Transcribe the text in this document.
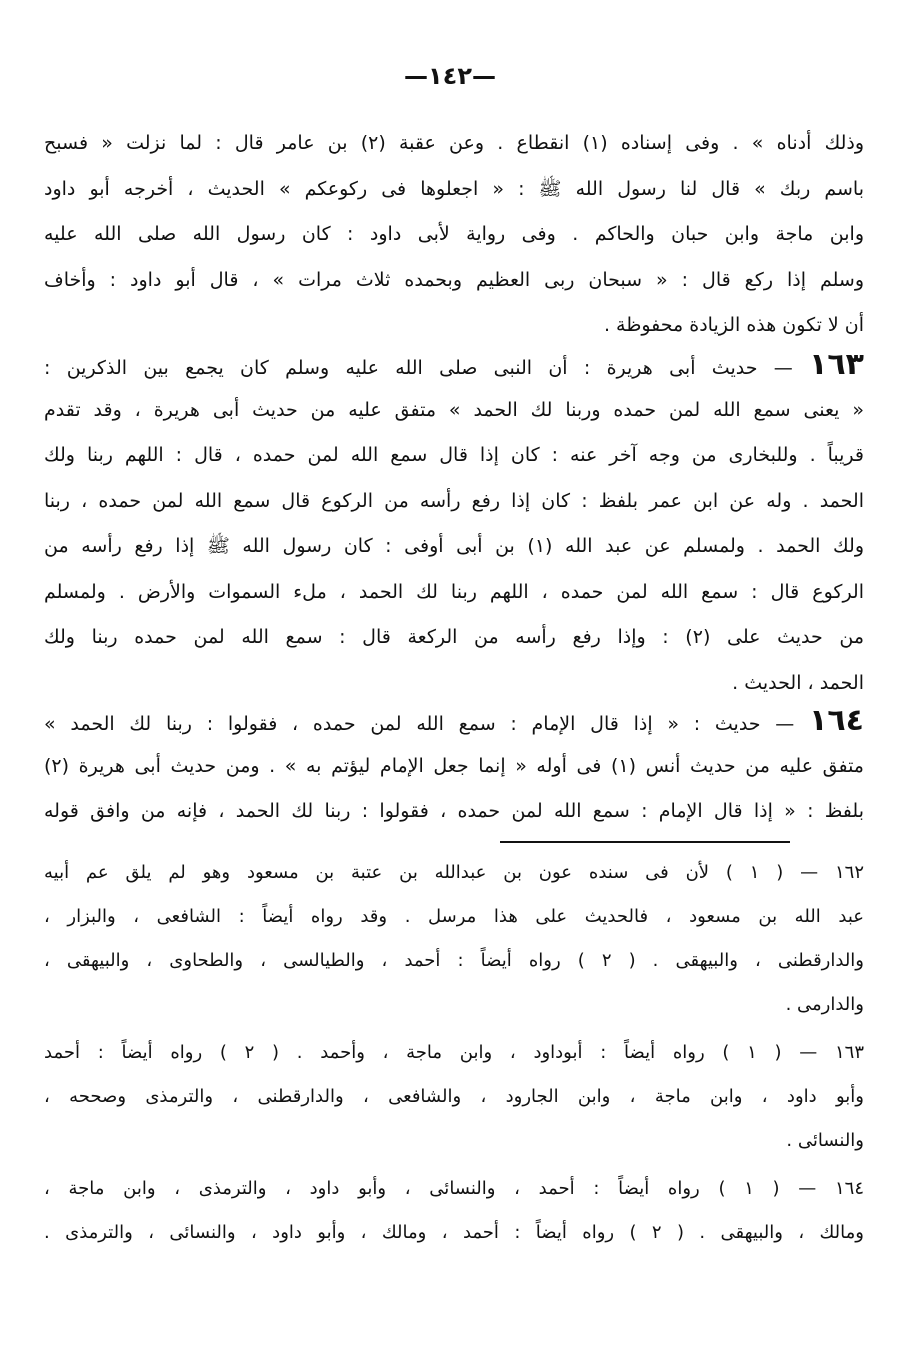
—١٤٢—
وذلك أدناه » . وفى إسناده (١) انقطاع . وعن عقبة (٢) بن عامر قال : لما نزلت « فسبح
باسم ربك » قال لنا رسول الله ﷺ : « اجعلوها فى ركوعكم » الحديث ، أخرجه أبو داود
وابن ماجة وابن حبان والحاكم . وفى رواية لأبى داود : كان رسول الله صلى الله عليه
وسلم إذا ركع قال : « سبحان ربى العظيم وبحمده ثلاث مرات » ، قال أبو داود : وأخاف
أن لا تكون هذه الزيادة محفوظة .
١٦٣ — حديث أبى هريرة : أن النبى صلى الله عليه وسلم كان يجمع بين الذكرين :
« يعنى سمع الله لمن حمده وربنا لك الحمد » متفق عليه من حديث أبى هريرة ، وقد تقدم
قريباً . وللبخارى من وجه آخر عنه : كان إذا قال سمع الله لمن حمده ، قال : اللهم ربنا ولك
الحمد . وله عن ابن عمر بلفظ : كان إذا رفع رأسه من الركوع قال سمع الله لمن حمده ، ربنا
ولك الحمد . ولمسلم عن عبد الله (١) بن أبى أوفى : كان رسول الله ﷺ إذا رفع رأسه من
الركوع قال : سمع الله لمن حمده ، اللهم ربنا لك الحمد ، ملء السموات والأرض . ولمسلم
من حديث على (٢) : وإذا رفع رأسه من الركعة قال : سمع الله لمن حمده ربنا ولك
الحمد ، الحديث .
١٦٤ — حديث : « إذا قال الإمام : سمع الله لمن حمده ، فقولوا : ربنا لك الحمد »
متفق عليه من حديث أنس (١) فى أوله « إنما جعل الإمام ليؤتم به » . ومن حديث أبى هريرة (٢)
بلفظ : « إذا قال الإمام : سمع الله لمن حمده ، فقولوا : ربنا لك الحمد ، فإنه من وافق قوله
١٦٢ — ( ١ ) لأن فى سنده عون بن عبدالله بن عتبة بن مسعود وهو لم يلق عم أبيه
عبد الله بن مسعود ، فالحديث على هذا مرسل . وقد رواه أيضاً : الشافعى ، والبزار ،
والدارقطنى ، والبيهقى . ( ٢ ) رواه أيضاً : أحمد ، والطيالسى ، والطحاوى ، والبيهقى ،
والدارمى .
١٦٣ — ( ١ ) رواه أيضاً : أبوداود ، وابن ماجة ، وأحمد . ( ٢ ) رواه أيضاً : أحمد
وأبو داود ، وابن ماجة ، وابن الجارود ، والشافعى ، والدارقطنى ، والترمذى وصححه ،
والنسائى .
١٦٤ — ( ١ ) رواه أيضاً : أحمد ، والنسائى ، وأبو داود ، والترمذى ، وابن ماجة ،
ومالك ، والبيهقى . ( ٢ ) رواه أيضاً : أحمد ، ومالك ، وأبو داود ، والنسائى ، والترمذى .
